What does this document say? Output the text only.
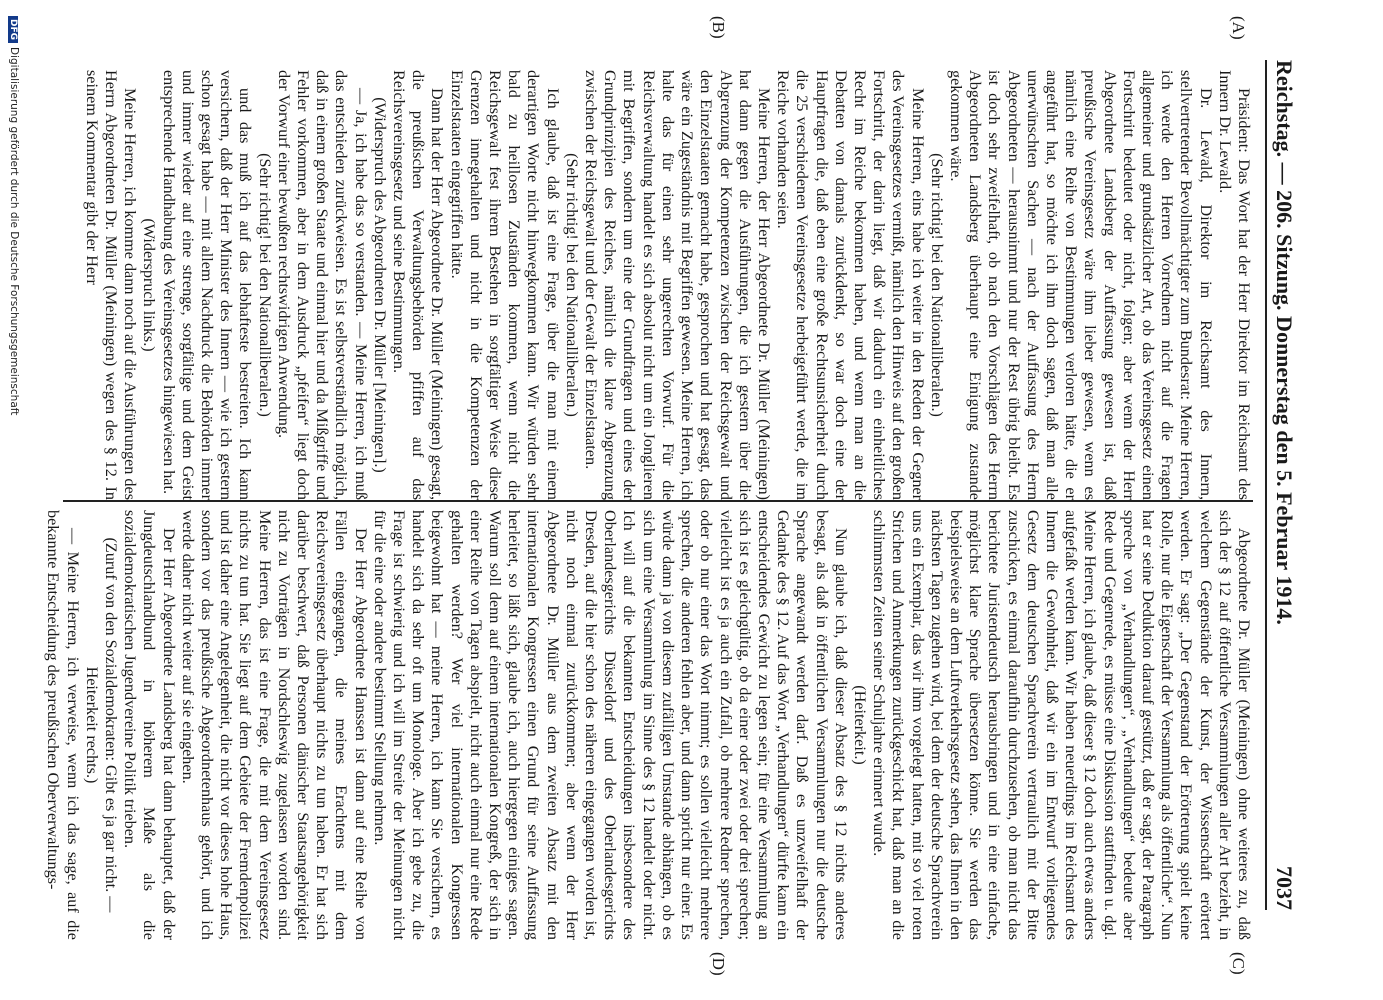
Reichstag. — 206. Sitzung. Donnerstag den 5. Februar 1914.
7037
(A)
(B)
(C)
(D)

Präsident: Das Wort hat der Herr Direktor im Reichsamt des Innern Dr. Lewald.

Dr. Lewald, Direktor im Reichsamt des Innern, stellvertretender Bevollmächtigter zum Bundesrat: Meine Herren, ich werde den Herren Vorrednern nicht auf die Fragen allgemeiner und grundsätzlicher Art, ob das Vereinsgesetz einen Fortschritt bedeutet oder nicht, folgen; aber wenn der Herr Abgeordnete Landsberg der Auffassung gewesen ist, daß preußische Vereinsgesetz wäre ihm lieber gewesen, wenn es nämlich eine Reihe von Bestimmungen verloren hätte, die er angeführt hat, so möchte ich ihm doch sagen, daß man alle unerwünschten Sachen — nach der Auffassung des Herrn Abgeordneten — herausnimmt und nur der Rest übrig bleibt. Es ist doch sehr zweifelhaft, ob nach den Vorschlägen des Herrn Abgeordneten Landsberg überhaupt eine Einigung zustande gekommen wäre.

(Sehr richtig! bei den Nationalliberalen.)

Meine Herren, eins habe ich weiter in den Reden der Gegner des Vereinsgesetzes vermißt, nämlich den Hinweis auf den großen Fortschritt, der darin liegt, daß wir dadurch ein einheitliches Recht im Reiche bekommen haben, und wenn man an die Debatten von damals zurückdenkt, so war doch eine der Hauptfragen die, daß eben eine große Rechtsunsicherheit durch die 25 verschiedenen Vereinsgesetze herbeigeführt werde, die im Reiche vorhanden seien.

Meine Herren, der Herr Abgeordnete Dr. Müller (Meiningen) hat dann gegen die Ausführungen, die ich gestern über die Abgrenzung der Kompetenzen zwischen der Reichsgewalt und den Einzelstaaten gemacht habe, gesprochen und hat gesagt, das wäre ein Zugeständnis mit Begriffen gewesen. Meine Herren, ich halte das für einen sehr ungerechten Vorwurf. Für die Reichsverwaltung handelt es sich absolut nicht um ein Jonglieren mit Begriffen, sondern um eine der Grundfragen und eines der Grundprinzipien des Reiches, nämlich die klare Abgrenzung zwischen der Reichsgewalt und der Gewalt der Einzelstaaten.

(Sehr richtig! bei den Nationalliberalen.)

Ich glaube, daß ist eine Frage, über die man mit einem derartigen Worte nicht hinwegkommen kann. Wir würden sehr bald zu heillosen Zuständen kommen, wenn nicht die Reichsgewalt fest ihrem Bestehen in sorgfältiger Weise diese Grenzen innegehalten und nicht in die Kompetenzen der Einzelstaaten eingegriffen hätte.

Dann hat der Herr Abgeordnete Dr. Müller (Meiningen) gesagt, die preußischen Verwaltungsbehörden pfiffen auf das Reichsvereinsgesetz und seine Bestimmungen.

(Widerspruch des Abgeordneten Dr. Müller [Meiningen].)

— Ja, ich habe das so verstanden. — Meine Herren, ich muß das entschieden zurückweisen. Es ist selbstverständlich möglich, daß in einem großen Staate und einmal hier und da Mißgriffe und Fehler vorkommen, aber in dem Ausdruck „pfeifen“ liegt doch der Vorwurf einer bewußten rechtswidrigen Anwendung.

(Sehr richtig! bei den Nationalliberalen.)

und das muß ich auf das lebhafteste bestreiten. Ich kann versichern, daß der Herr Minister des Innern — wie ich gestern schon gesagt habe — mit allem Nachdruck die Behörden immer und immer wieder auf eine strenge, sorgfältige und dem Geist entsprechende Handhabung des Vereinsgesetzes hingewiesen hat.

(Widerspruch links.)

Meine Herren, ich komme dann noch auf die Ausführungen des Herrn Abgeordneten Dr. Müller (Meiningen) wegen des § 12. In seinem Kommentar gibt der Herr

Abgeordnete Dr. Müller (Meiningen) ohne weiteres zu, daß sich der § 12 auf öffentliche Versammlungen aller Art bezieht, in welchem Gegenstände der Kunst, der Wissenschaft erörtert werden. Er sagt: „Der Gegenstand der Erörterung spielt keine Rolle, nur die Eigenschaft der Versammlung als öffentliche“. Nun hat er seine Deduktion darauf gestützt, daß er sagt, der Paragraph spreche von „Verhandlungen“, „Verhandlungen“ bedeute aber Rede und Gegenrede, es müsse eine Diskussion stattfinden u. dgl. Meine Herren, ich glaube, daß dieser § 12 doch auch etwas anders aufgefaßt werden kann. Wir haben neuerdings im Reichsamt des Innern die Gewohnheit, daß wir ein im Entwurf vorliegendes Gesetz dem deutschen Sprachverein vertraulich mit der Bitte zuschicken, es einmal daraufhin durchzusehen, ob man nicht das berichtete Juristendeutsch herausbringen und in eine einfache, möglichst klare Sprache übersetzen könne. Sie werden das beispielsweise an dem Luftverkehrsgesetz sehen, das Ihnen in den nächsten Tagen zugehen wird, bei dem der deutsche Sprachverein uns ein Exemplar, das wir ihm vorgelegt hatten, mit so viel roten Strichen und Anmerkungen zurückgeschickt hat, daß man an die schlimmsten Zeiten seiner Schuljahre erinnert wurde.

(Heiterkeit.)

Nun glaube ich, daß dieser Absatz des § 12 nichts anderes besagt, als daß in öffentlichen Versammlungen nur die deutsche Sprache angewandt werden darf. Daß es unzweifelhaft der Gedanke des § 12. Auf das Wort „Verhandlungen“ dürfte kann ein entscheidendes Gewicht zu legen sein; für eine Versammlung an sich ist es gleichgültig, ob da einer oder zwei oder drei sprechen; vielleicht ist es ja auch ein Zufall, ob mehrere Redner sprechen, oder ob nur einer das Wort nimmt; es sollen vielleicht mehrere sprechen, die anderen fehlen aber, und dann spricht nur einer. Es würde dann ja von diesem zufälligen Umstande abhängen, ob es sich um eine Versammlung im Sinne des § 12 handelt oder nicht. Ich will auf die bekannten Entscheidungen insbesondere des Oberlandesgerichts Düsseldorf und des Oberlandesgerichts Dresden, auf die hier schon des näheren eingegangen worden ist, nicht noch einmal zurückkommen; aber wenn der Herr Abgeordnete Dr. Müller aus dem zweiten Absatz mit den internationalen Kongressen einen Grund für seine Auffassung herleitet, so läßt sich, glaube ich, auch hiergegen einiges sagen. Warum soll denn auf einem internationalen Kongreß, der sich in einer Reihe von Tagen abspielt, nicht auch einmal nur eine Rede gehalten werden? Wer viel internationalen Kongressen beigewohnt hat — meine Herren, ich kann Sie versichern, es handelt sich da sehr oft um Monologe. Aber ich gebe zu, die Frage ist schwierig und ich will im Streite der Meinungen nicht für die eine oder andere bestimmt Stellung nehmen.

Der Herr Abgeordnete Hanssen ist dann auf eine Reihe von Fällen eingegangen, die meines Erachtens mit dem Reichsvereinsgesetz überhaupt nichts zu tun haben. Er hat sich darüber beschwert, daß Personen dänischer Staatsangehörigkeit nicht zu Vorträgen in Nordschleswig zugelassen worden sind. Meine Herren, das ist eine Frage, die mit dem Vereinsgesetz nichts zu tun hat. Sie liegt auf dem Gebiete der Fremdenpolizei und ist daher eine Angelegenheit, die nicht vor dieses hohe Haus, sondern vor das preußische Abgeordnetenhaus gehört, und ich werde daher nicht weiter auf sie eingehen.

Der Herr Abgeordnete Landsberg hat dann behauptet, daß der Jungdeutschlandbund in höherem Maße als die sozialdemokratischen Jugendvereine Politik trieben.

(Zuruf von den Sozialdemokraten: Gibt es ja gar nicht. — Heiterkeit rechts.)

— Meine Herren, ich verweise, wenn ich das sage, auf die bekannte Entscheidung des preußischen Oberverwaltungs-

DFGDigitalisierung gefördert durch die Deutsche Forschungsgemeinschaft
